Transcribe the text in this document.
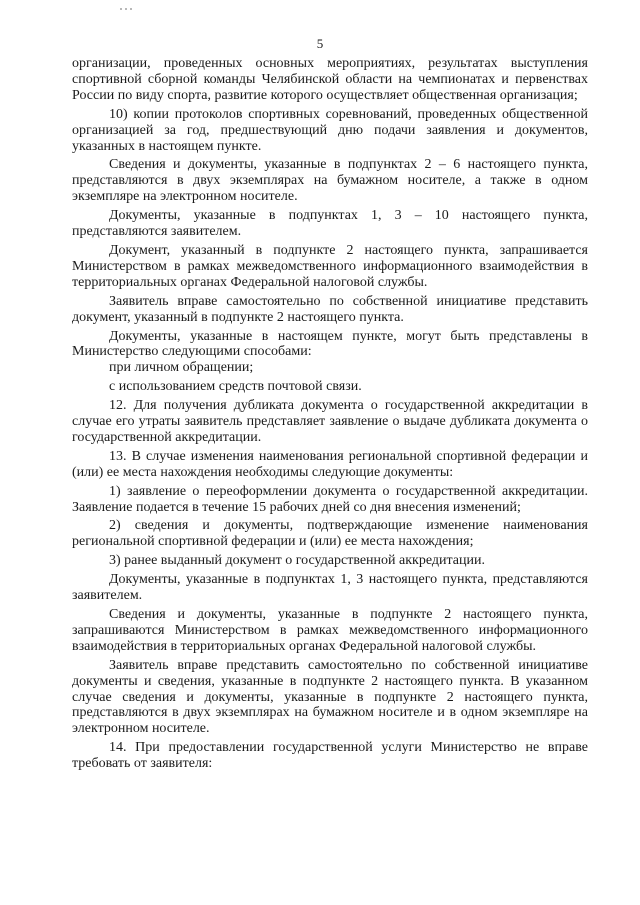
5

организации, проведенных основных мероприятиях, результатах выступления спортивной сборной команды Челябинской области на чемпионатах и первенствах России по виду спорта, развитие которого осуществляет общественная организация;

10) копии протоколов спортивных соревнований, проведенных общественной организацией за год, предшествующий дню подачи заявления и документов, указанных в настоящем пункте.

Сведения и документы, указанные в подпунктах 2 – 6 настоящего пункта, представляются в двух экземплярах на бумажном носителе, а также в одном экземпляре на электронном носителе.

Документы, указанные в подпунктах 1, 3 – 10 настоящего пункта, представляются заявителем.

Документ, указанный в подпункте 2 настоящего пункта, запрашивается Министерством в рамках межведомственного информационного взаимодействия в территориальных органах Федеральной налоговой службы.

Заявитель вправе самостоятельно по собственной инициативе представить документ, указанный в подпункте 2 настоящего пункта.

Документы, указанные в настоящем пункте, могут быть представлены в Министерство следующими способами:

при личном обращении;

с использованием средств почтовой связи.

12. Для получения дубликата документа о государственной аккредитации в случае его утраты заявитель представляет заявление о выдаче дубликата документа о государственной аккредитации.

13. В случае изменения наименования региональной спортивной федерации и (или) ее места нахождения необходимы следующие документы:

1) заявление о переоформлении документа о государственной аккредитации. Заявление подается в течение 15 рабочих дней со дня внесения изменений;

2) сведения и документы, подтверждающие изменение наименования региональной спортивной федерации и (или) ее места нахождения;

3) ранее выданный документ о государственной аккредитации.

Документы, указанные в подпунктах 1, 3 настоящего пункта, представляются заявителем.

Сведения и документы, указанные в подпункте 2 настоящего пункта, запрашиваются Министерством в рамках межведомственного информационного взаимодействия в территориальных органах Федеральной налоговой службы.

Заявитель вправе представить самостоятельно по собственной инициативе документы и сведения, указанные в подпункте 2 настоящего пункта. В указанном случае сведения и документы, указанные в подпункте 2 настоящего пункта, представляются в двух экземплярах на бумажном носителе и в одном экземпляре на электронном носителе.

14. При предоставлении государственной услуги Министерство не вправе требовать от заявителя:
